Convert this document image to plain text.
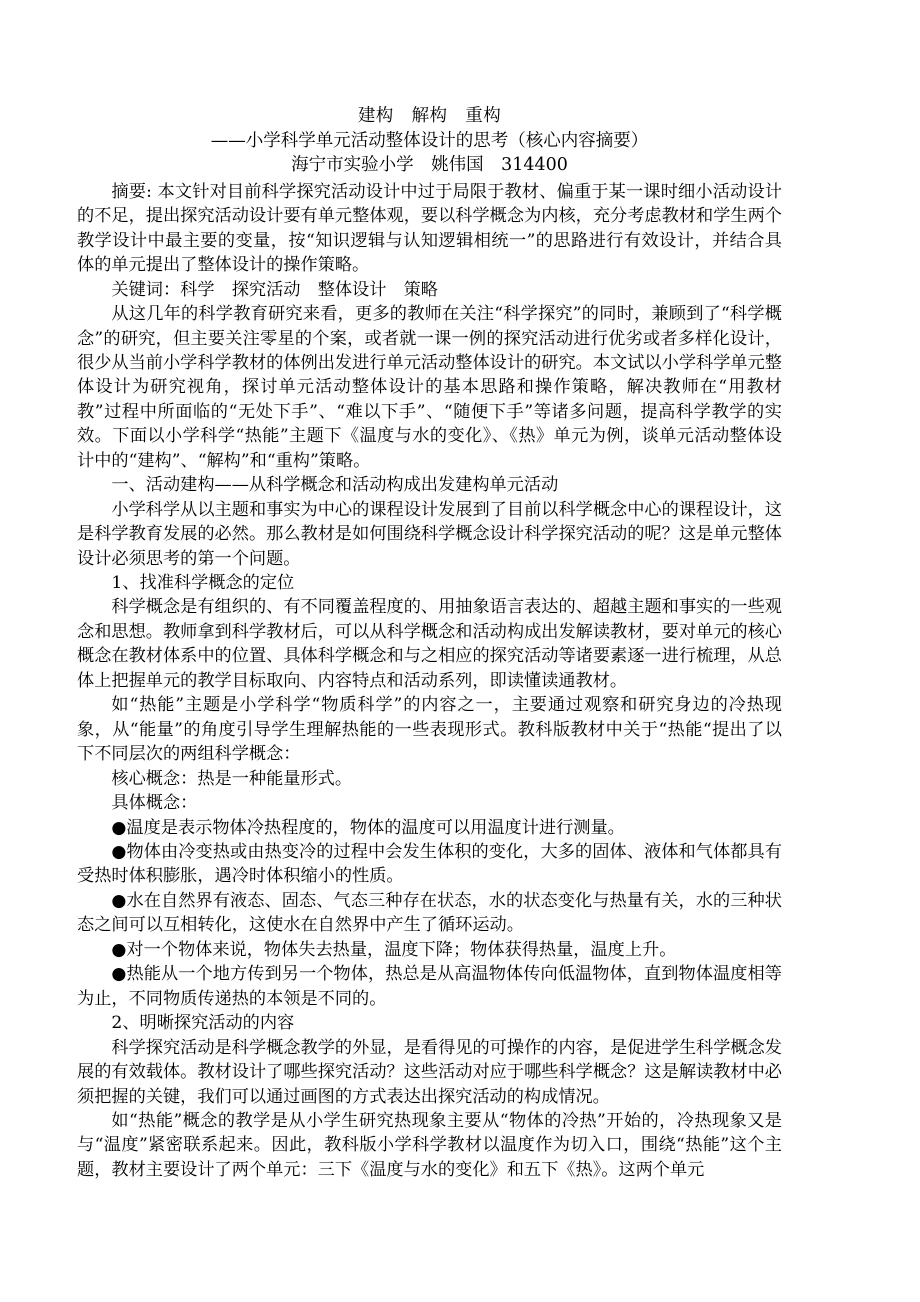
建构　解构　重构
——小学科学单元活动整体设计的思考（核心内容摘要）
海宁市实验小学　姚伟国　314400

摘要: 本文针对目前科学探究活动设计中过于局限于教材、偏重于某一课时细小活动设计的不足，提出探究活动设计要有单元整体观，要以科学概念为内核，充分考虑教材和学生两个教学设计中最主要的变量，按“知识逻辑与认知逻辑相统一”的思路进行有效设计，并结合具体的单元提出了整体设计的操作策略。

关键词：科学　探究活动　整体设计　策略

从这几年的科学教育研究来看，更多的教师在关注“科学探究”的同时，兼顾到了“科学概念”的研究，但主要关注零星的个案，或者就一课一例的探究活动进行优劣或者多样化设计，很少从当前小学科学教材的体例出发进行单元活动整体设计的研究。本文试以小学科学单元整体设计为研究视角，探讨单元活动整体设计的基本思路和操作策略，解决教师在“用教材教”过程中所面临的“无处下手”、“难以下手”、“随便下手”等诸多问题，提高科学教学的实效。下面以小学科学“热能”主题下《温度与水的变化》、《热》单元为例，谈单元活动整体设计中的“建构”、“解构”和“重构”策略。

一、活动建构——从科学概念和活动构成出发建构单元活动

小学科学从以主题和事实为中心的课程设计发展到了目前以科学概念中心的课程设计，这是科学教育发展的必然。那么教材是如何围绕科学概念设计科学探究活动的呢？这是单元整体设计必须思考的第一个问题。

1、找准科学概念的定位

科学概念是有组织的、有不同覆盖程度的、用抽象语言表达的、超越主题和事实的一些观念和思想。教师拿到科学教材后，可以从科学概念和活动构成出发解读教材，要对单元的核心概念在教材体系中的位置、具体科学概念和与之相应的探究活动等诸要素逐一进行梳理，从总体上把握单元的教学目标取向、内容特点和活动系列，即读懂读通教材。

如“热能”主题是小学科学“物质科学”的内容之一，主要通过观察和研究身边的冷热现象，从“能量”的角度引导学生理解热能的一些表现形式。教科版教材中关于“热能“提出了以下不同层次的两组科学概念：

核心概念：热是一种能量形式。

具体概念：

●温度是表示物体冷热程度的，物体的温度可以用温度计进行测量。

●物体由冷变热或由热变冷的过程中会发生体积的变化，大多的固体、液体和气体都具有受热时体积膨胀，遇冷时体积缩小的性质。

●水在自然界有液态、固态、气态三种存在状态，水的状态变化与热量有关，水的三种状态之间可以互相转化，这使水在自然界中产生了循环运动。

●对一个物体来说，物体失去热量，温度下降；物体获得热量，温度上升。

●热能从一个地方传到另一个物体，热总是从高温物体传向低温物体，直到物体温度相等为止，不同物质传递热的本领是不同的。

2、明晰探究活动的内容

科学探究活动是科学概念教学的外显，是看得见的可操作的内容，是促进学生科学概念发展的有效载体。教材设计了哪些探究活动？这些活动对应于哪些科学概念？这是解读教材中必须把握的关键，我们可以通过画图的方式表达出探究活动的构成情况。

如“热能”概念的教学是从小学生研究热现象主要从“物体的冷热”开始的，冷热现象又是与“温度”紧密联系起来。因此，教科版小学科学教材以温度作为切入口，围绕“热能”这个主题，教材主要设计了两个单元：三下《温度与水的变化》和五下《热》。这两个单元
